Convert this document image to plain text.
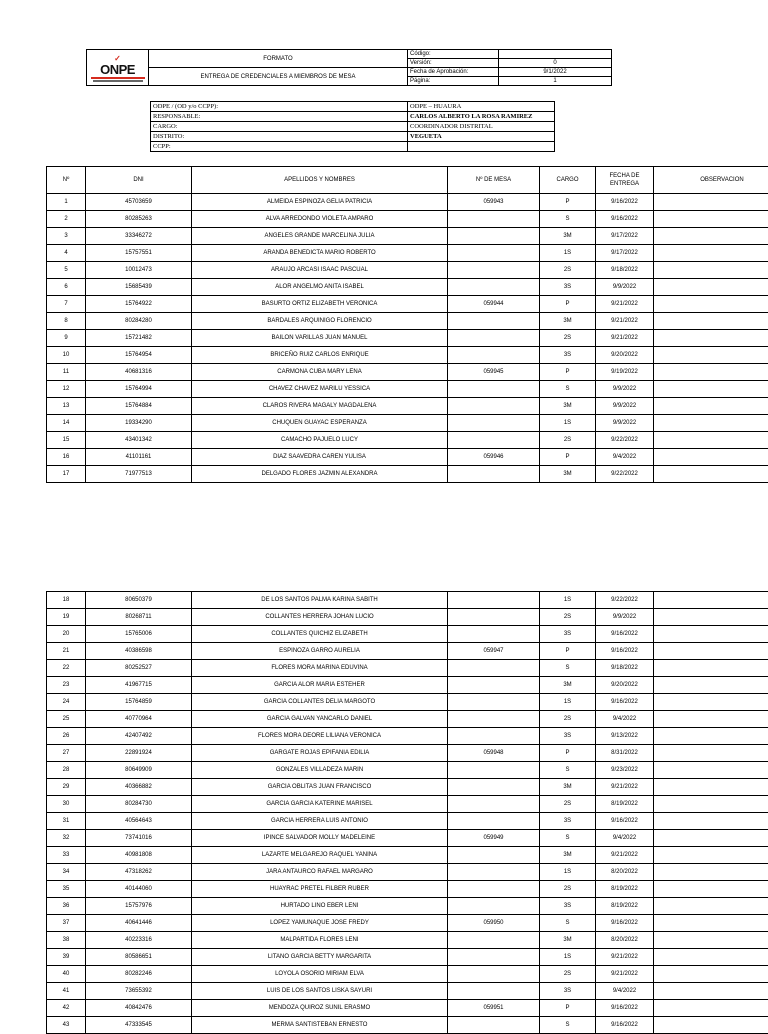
✓
ONPE	FORMATO	Código:	
		Versión:	0
	ENTREGA DE CREDENCIALES A MIEMBROS DE MESA	Fecha de Aprobación:	9/1/2022
		Página:	1
ODPE / (OD y/o CCPP):	ODPE – HUAURA
RESPONSABLE:	CARLOS ALBERTO LA ROSA RAMIREZ
CARGO:	COORDINADOR DISTRITAL
DISTRITO:	VEGUETA
CCPP:	
Nº	DNI	APELLIDOS Y NOMBRES	Nº DE MESA	CARGO	FECHA DE ENTREGA	OBSERVACION
1	45703659	ALMEIDA ESPINOZA GELIA PATRICIA	059943	P	9/16/2022	
2	80285263	ALVA ARREDONDO VIOLETA AMPARO		S	9/16/2022	
3	33346272	ANGELES GRANDE MARCELINA JULIA		3M	9/17/2022	
4	15757551	ARANDA BENEDICTA MARIO ROBERTO		1S	9/17/2022	
5	10012473	ARAUJO ARCASI ISAAC PASCUAL		2S	9/18/2022	
6	15685439	ALOR ANGELMO ANITA ISABEL		3S	9/9/2022	
7	15764922	BASURTO ORTIZ ELIZABETH VERONICA	059944	P	9/21/2022	
8	80284280	BARDALES ARQUINIGO FLORENCIO		3M	9/21/2022	
9	15721482	BAILON VARILLAS JUAN MANUEL		2S	9/21/2022	
10	15764954	BRICEÑO RUIZ CARLOS ENRIQUE		3S	9/20/2022	
11	40681316	CARMONA CUBA MARY LENA	059945	P	9/19/2022	
12	15764994	CHAVEZ CHAVEZ MARILU YESSICA		S	9/9/2022	
13	15764884	CLAROS RIVERA MAGALY MAGDALENA		3M	9/9/2022	
14	19334290	CHUQUEN GUAYAC ESPERANZA		1S	9/9/2022	
15	43401342	CAMACHO PAJUELO LUCY		2S	9/22/2022	
16	41101161	DIAZ SAAVEDRA CAREN YULISA	059946	P	9/4/2022	
17	71977513	DELGADO FLORES JAZMIN ALEXANDRA		3M	9/22/2022	
18	80650379	DE LOS SANTOS PALMA KARINA SABITH		1S	9/22/2022	
19	80268711	COLLANTES HERRERA JOHAN LUCIO		2S	9/9/2022	
20	15765006	COLLANTES QUICHIZ ELIZABETH		3S	9/16/2022	
21	40386598	ESPINOZA GARRO AURELIA	059947	P	9/16/2022	
22	80252527	FLORES MORA MARINA EDUVINA		S	9/18/2022	
23	41967715	GARCIA ALOR MARIA ESTEHER		3M	9/20/2022	
24	15764859	GARCIA COLLANTES DELIA MARGOTO		1S	9/16/2022	
25	40770964	GARCIA GALVAN YANCARLO DANIEL		2S	9/4/2022	
26	42407492	FLORES MORA DEORE LILIANA VERONICA		3S	9/13/2022	
27	22891924	GARGATE ROJAS EPIFANIA EDILIA	059948	P	8/31/2022	
28	80649909	GONZALES VILLADEZA MARIN		S	9/23/2022	
29	40366882	GARCIA OBLITAS JUAN FRANCISCO		3M	9/21/2022	
30	80284730	GARCIA GARCIA KATERINE MARISEL		2S	8/19/2022	
31	40564643	GARCIA HERRERA LUIS ANTONIO		3S	9/16/2022	
32	73741016	IPINCE SALVADOR MOLLY MADELEINE	059949	S	9/4/2022	
33	40981808	LAZARTE MELGAREJO RAQUEL YANINA		3M	9/21/2022	
34	47318262	JARA ANTAURCO RAFAEL MARGARO		1S	8/20/2022	
35	40144060	HUAYRAC PRETEL FILBER RUBER		2S	8/19/2022	
36	15757976	HURTADO LINO EBER LENI		3S	8/19/2022	
37	40641446	LOPEZ YAMUNAQUE JOSE FREDY	059950	S	9/16/2022	
38	40223316	MALPARTIDA FLORES LENI		3M	8/20/2022	
39	80586651	LITANO GARCIA BETTY MARGARITA		1S	9/21/2022	
40	80282246	LOYOLA OSORIO MIRIAM ELVA		2S	9/21/2022	
41	73655392	LUIS DE LOS SANTOS LISKA SAYURI		3S	9/4/2022	
42	40842476	MENDOZA QUIROZ SUNIL ERASMO	059951	P	9/16/2022	
43	47333545	MERMA SANTISTEBAN ERNESTO		S	9/16/2022	
